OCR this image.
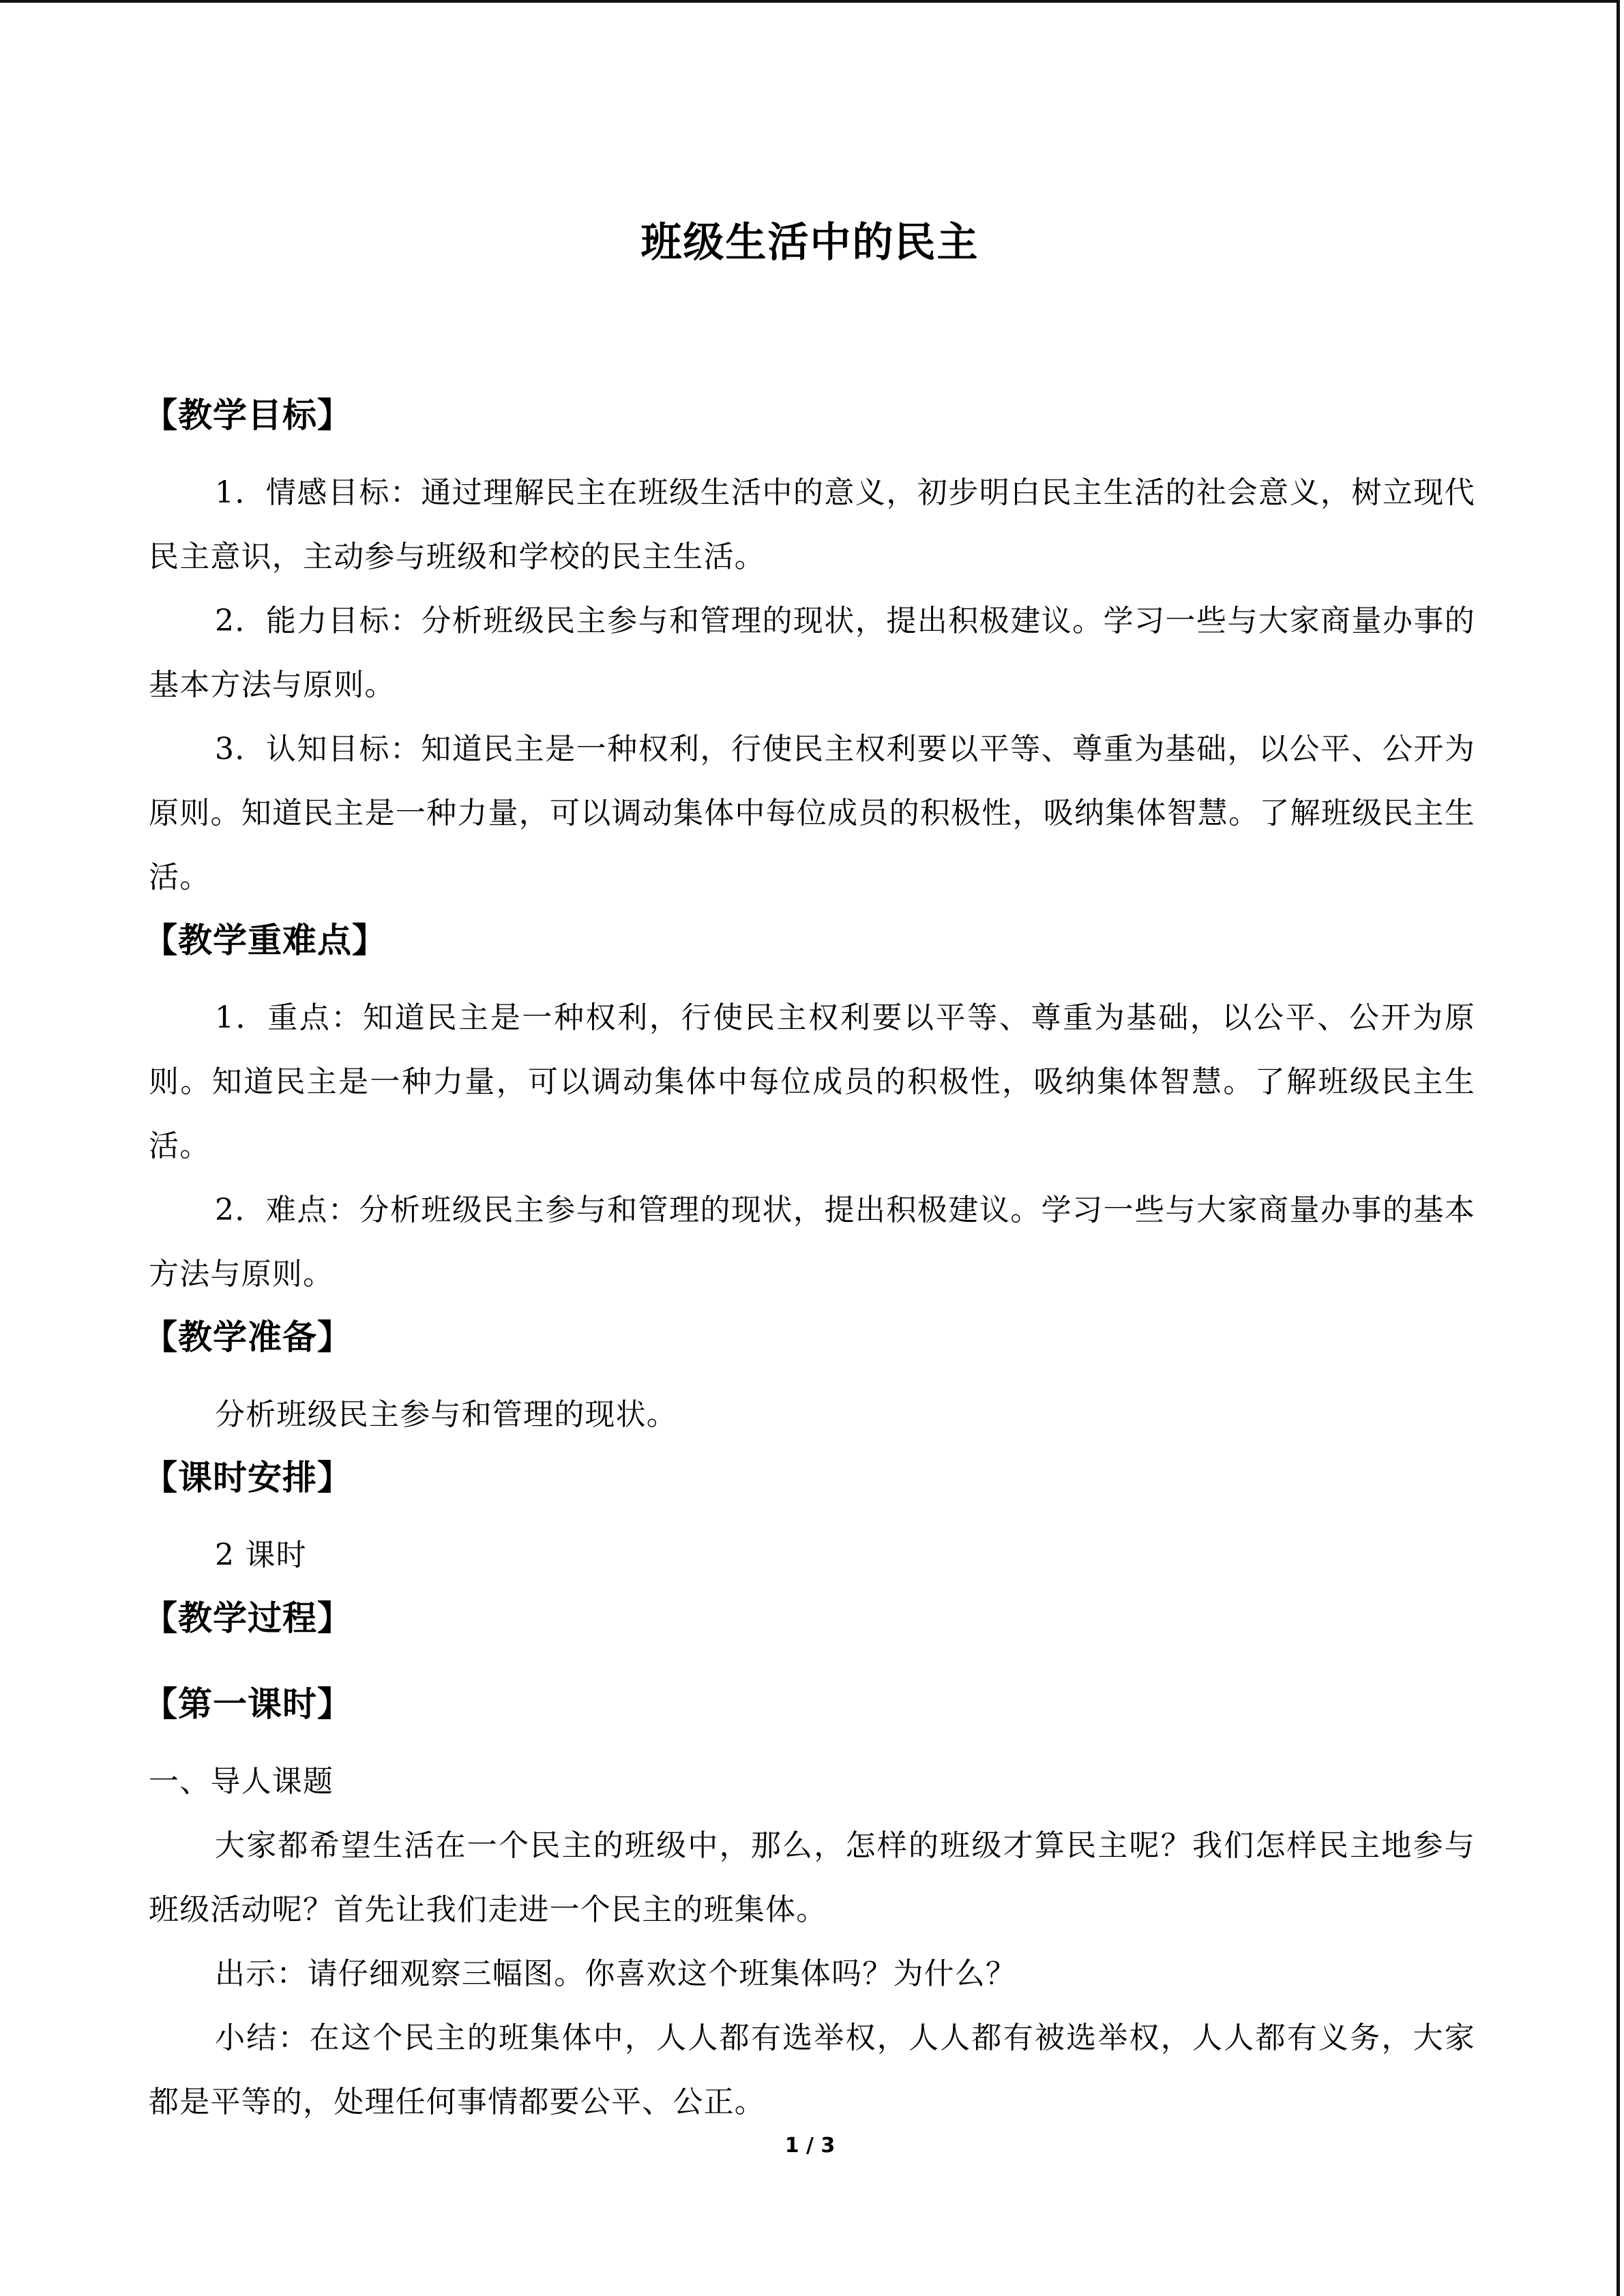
班级生活中的民主
【教学目标】

1．情感目标：通过理解民主在班级生活中的意义，初步明白民主生活的社会意义，树立现代民主意识，主动参与班级和学校的民主生活。

2．能力目标：分析班级民主参与和管理的现状，提出积极建议。学习一些与大家商量办事的基本方法与原则。

3．认知目标：知道民主是一种权利，行使民主权利要以平等、尊重为基础，以公平、公开为原则。知道民主是一种力量，可以调动集体中每位成员的积极性，吸纳集体智慧。了解班级民主生活。

【教学重难点】

1．重点：知道民主是一种权利，行使民主权利要以平等、尊重为基础，以公平、公开为原则。知道民主是一种力量，可以调动集体中每位成员的积极性，吸纳集体智慧。了解班级民主生活。

2．难点：分析班级民主参与和管理的现状，提出积极建议。学习一些与大家商量办事的基本方法与原则。

【教学准备】

分析班级民主参与和管理的现状。

【课时安排】

2 课时

【教学过程】
【第一课时】

一、导人课题

大家都希望生活在一个民主的班级中，那么，怎样的班级才算民主呢？我们怎样民主地参与班级活动呢？首先让我们走进一个民主的班集体。

出示：请仔细观察三幅图。你喜欢这个班集体吗？为什么？

小结：在这个民主的班集体中，人人都有选举权，人人都有被选举权，人人都有义务，大家都是平等的，处理任何事情都要公平、公正。

1 / 3
